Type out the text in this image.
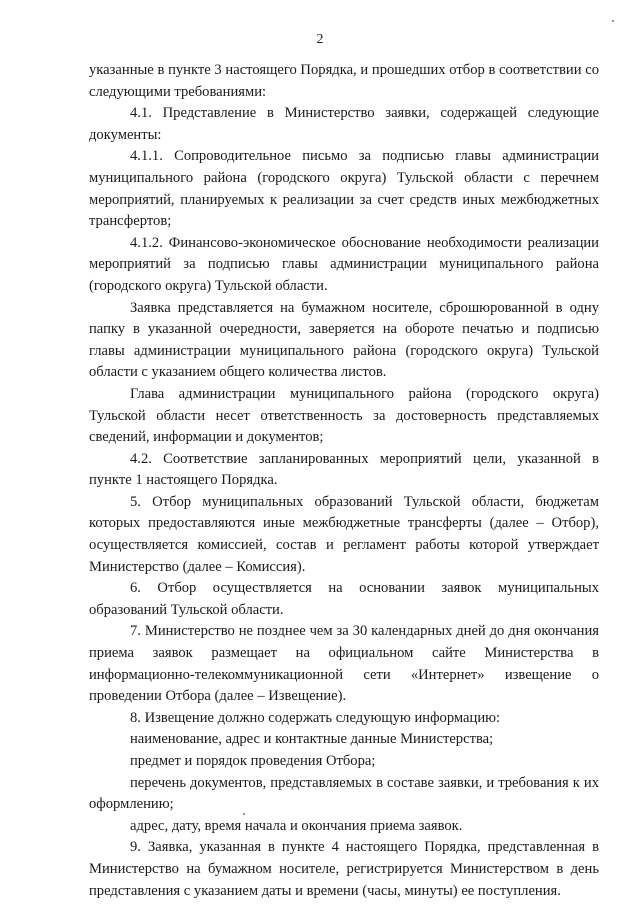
2

указанные в пункте 3 настоящего Порядка, и прошедших отбор в соответствии со следующими требованиями:

4.1. Представление в Министерство заявки, содержащей следующие документы:

4.1.1. Сопроводительное письмо за подписью главы администрации муниципального района (городского округа) Тульской области с перечнем мероприятий, планируемых к реализации за счет средств иных межбюджетных трансфертов;

4.1.2. Финансово-экономическое обоснование необходимости реализации мероприятий за подписью главы администрации муниципального района (городского округа) Тульской области.

Заявка представляется на бумажном носителе, сброшюрованной в одну папку в указанной очередности, заверяется на обороте печатью и подписью главы администрации муниципального района (городского округа) Тульской области с указанием общего количества листов.

Глава администрации муниципального района (городского округа) Тульской области несет ответственность за достоверность представляемых сведений, информации и документов;

4.2. Соответствие запланированных мероприятий цели, указанной в пункте 1 настоящего Порядка.

5. Отбор муниципальных образований Тульской области, бюджетам которых предоставляются иные межбюджетные трансферты (далее – Отбор), осуществляется комиссией, состав и регламент работы которой утверждает Министерство (далее – Комиссия).

6. Отбор осуществляется на основании заявок муниципальных образований Тульской области.

7. Министерство не позднее чем за 30 календарных дней до дня окончания приема заявок размещает на официальном сайте Министерства в информационно-телекоммуникационной сети «Интернет» извещение о проведении Отбора (далее – Извещение).

8. Извещение должно содержать следующую информацию:

наименование, адрес и контактные данные Министерства;

предмет и порядок проведения Отбора;

перечень документов, представляемых в составе заявки, и требования к их оформлению;

адрес, дату, время начала и окончания приема заявок.

9. Заявка, указанная в пункте 4 настоящего Порядка, представленная в Министерство на бумажном носителе, регистрируется Министерством в день представления с указанием даты и времени (часы, минуты) ее поступления.
